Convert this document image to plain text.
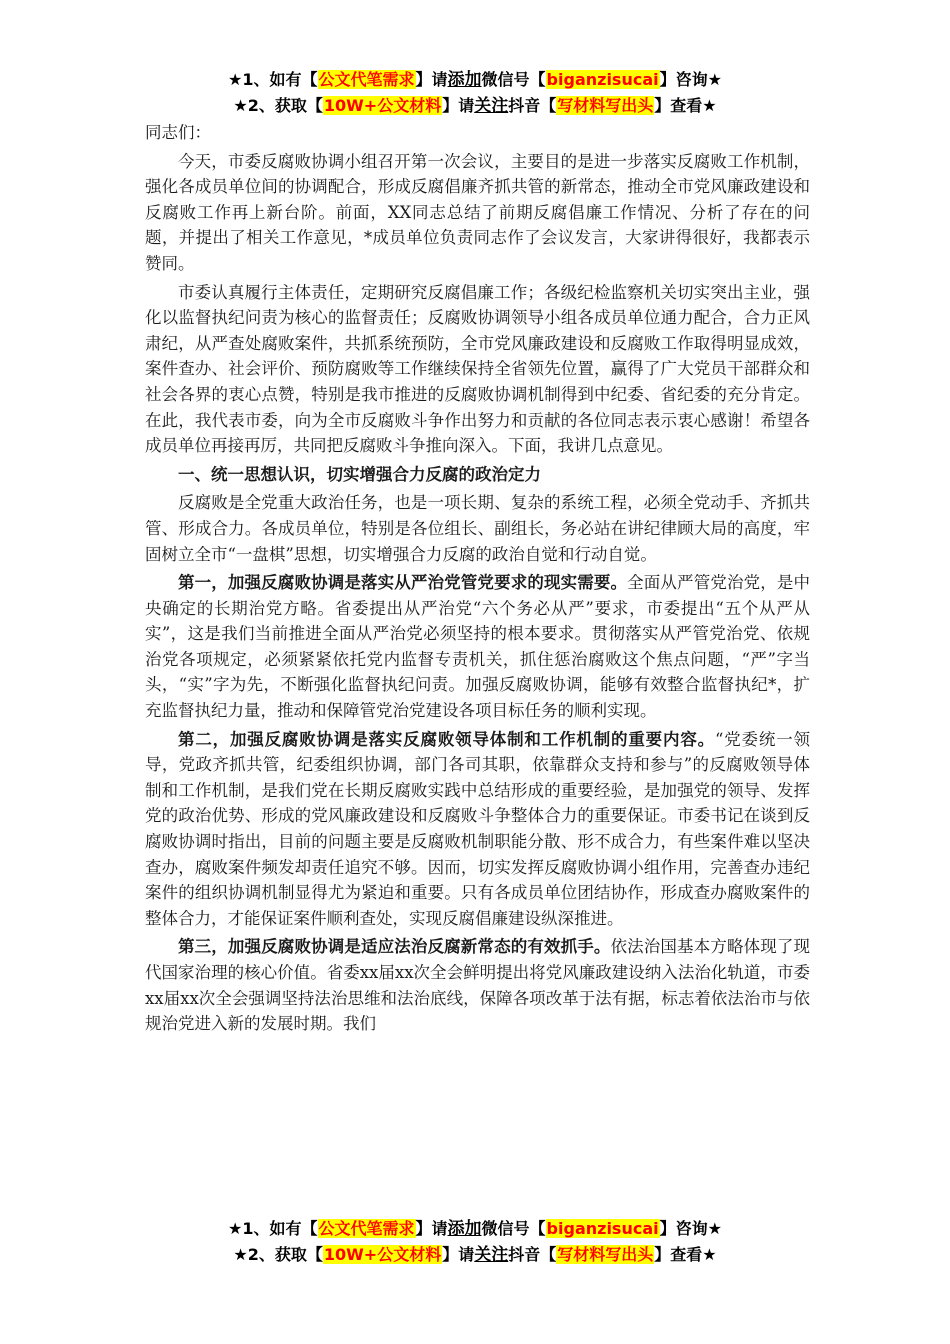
★1、如有【公文代笔需求】请添加微信号【biganzisucai】咨询★
★2、获取【10W+公文材料】请关注抖音【写材料写出头】查看★

同志们：

今天，市委反腐败协调小组召开第一次会议，主要目的是进一步落实反腐败工作机制，强化各成员单位间的协调配合，形成反腐倡廉齐抓共管的新常态，推动全市党风廉政建设和反腐败工作再上新台阶。前面，XX同志总结了前期反腐倡廉工作情况、分析了存在的问题，并提出了相关工作意见，*成员单位负责同志作了会议发言，大家讲得很好，我都表示赞同。

市委认真履行主体责任，定期研究反腐倡廉工作；各级纪检监察机关切实突出主业，强化以监督执纪问责为核心的监督责任；反腐败协调领导小组各成员单位通力配合，合力正风肃纪，从严查处腐败案件，共抓系统预防，全市党风廉政建设和反腐败工作取得明显成效，案件查办、社会评价、预防腐败等工作继续保持全省领先位置，赢得了广大党员干部群众和社会各界的衷心点赞，特别是我市推进的反腐败协调机制得到中纪委、省纪委的充分肯定。在此，我代表市委，向为全市反腐败斗争作出努力和贡献的各位同志表示衷心感谢！希望各成员单位再接再厉，共同把反腐败斗争推向深入。下面，我讲几点意见。

一、统一思想认识，切实增强合力反腐的政治定力

反腐败是全党重大政治任务，也是一项长期、复杂的系统工程，必须全党动手、齐抓共管、形成合力。各成员单位，特别是各位组长、副组长，务必站在讲纪律顾大局的高度，牢固树立全市“一盘棋”思想，切实增强合力反腐的政治自觉和行动自觉。

第一，加强反腐败协调是落实从严治党管党要求的现实需要。全面从严管党治党，是中央确定的长期治党方略。省委提出从严治党“六个务必从严”要求，市委提出“五个从严从实”，这是我们当前推进全面从严治党必须坚持的根本要求。贯彻落实从严管党治党、依规治党各项规定，必须紧紧依托党内监督专责机关，抓住惩治腐败这个焦点问题，“严”字当头，“实”字为先，不断强化监督执纪问责。加强反腐败协调，能够有效整合监督执纪*，扩充监督执纪力量，推动和保障管党治党建设各项目标任务的顺利实现。

第二，加强反腐败协调是落实反腐败领导体制和工作机制的重要内容。“党委统一领导，党政齐抓共管，纪委组织协调，部门各司其职，依靠群众支持和参与”的反腐败领导体制和工作机制，是我们党在长期反腐败实践中总结形成的重要经验，是加强党的领导、发挥党的政治优势、形成的党风廉政建设和反腐败斗争整体合力的重要保证。市委书记在谈到反腐败协调时指出，目前的问题主要是反腐败机制职能分散、形不成合力，有些案件难以坚决查办，腐败案件频发却责任追究不够。因而，切实发挥反腐败协调小组作用，完善查办违纪案件的组织协调机制显得尤为紧迫和重要。只有各成员单位团结协作，形成查办腐败案件的整体合力，才能保证案件顺利查处，实现反腐倡廉建设纵深推进。

第三，加强反腐败协调是适应法治反腐新常态的有效抓手。依法治国基本方略体现了现代国家治理的核心价值。省委xx届xx次全会鲜明提出将党风廉政建设纳入法治化轨道，市委xx届xx次全会强调坚持法治思维和法治底线，保障各项改革于法有据，标志着依法治市与依规治党进入新的发展时期。我们

★1、如有【公文代笔需求】请添加微信号【biganzisucai】咨询★
★2、获取【10W+公文材料】请关注抖音【写材料写出头】查看★
